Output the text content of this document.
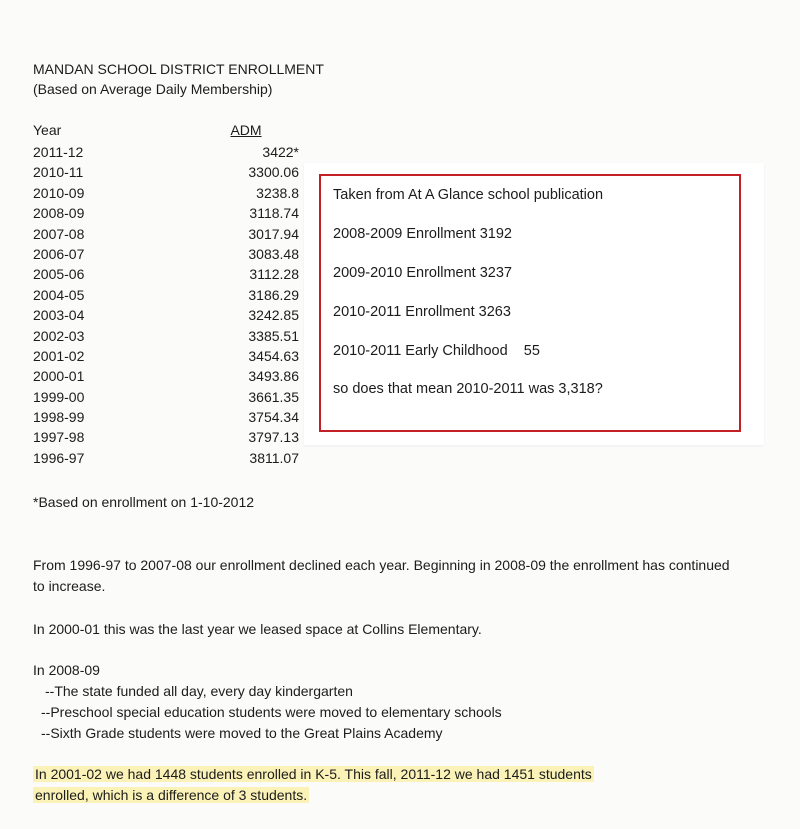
MANDAN SCHOOL DISTRICT ENROLLMENT
(Based on Average Daily Membership)
Year	ADM
2011-12	3422*
2010-11	3300.06
2010-09	3238.8
2008-09	3118.74
2007-08	3017.94
2006-07	3083.48
2005-06	3112.28
2004-05	3186.29
2003-04	3242.85
2002-03	3385.51
2001-02	3454.63
2000-01	3493.86
1999-00	3661.35
1998-99	3754.34
1997-98	3797.13
1996-97	3811.07
*Based on enrollment on 1-10-2012
Taken from At A Glance school publication
2008-2009 Enrollment 3192
2009-2010 Enrollment 3237
2010-2011 Enrollment 3263
2010-2011 Early Childhood    55
so does that mean 2010-2011 was 3,318?
From 1996-97 to 2007-08 our enrollment declined each year. Beginning in 2008-09 the enrollment has continued to increase.
In 2000-01 this was the last year we leased space at Collins Elementary.
In 2008-09
--The state funded all day, every day kindergarten
--Preschool special education students were moved to elementary schools
--Sixth Grade students were moved to the Great Plains Academy
In 2001-02 we had 1448 students enrolled in K-5. This fall, 2011-12 we had 1451 students
enrolled, which is a difference of 3 students.
